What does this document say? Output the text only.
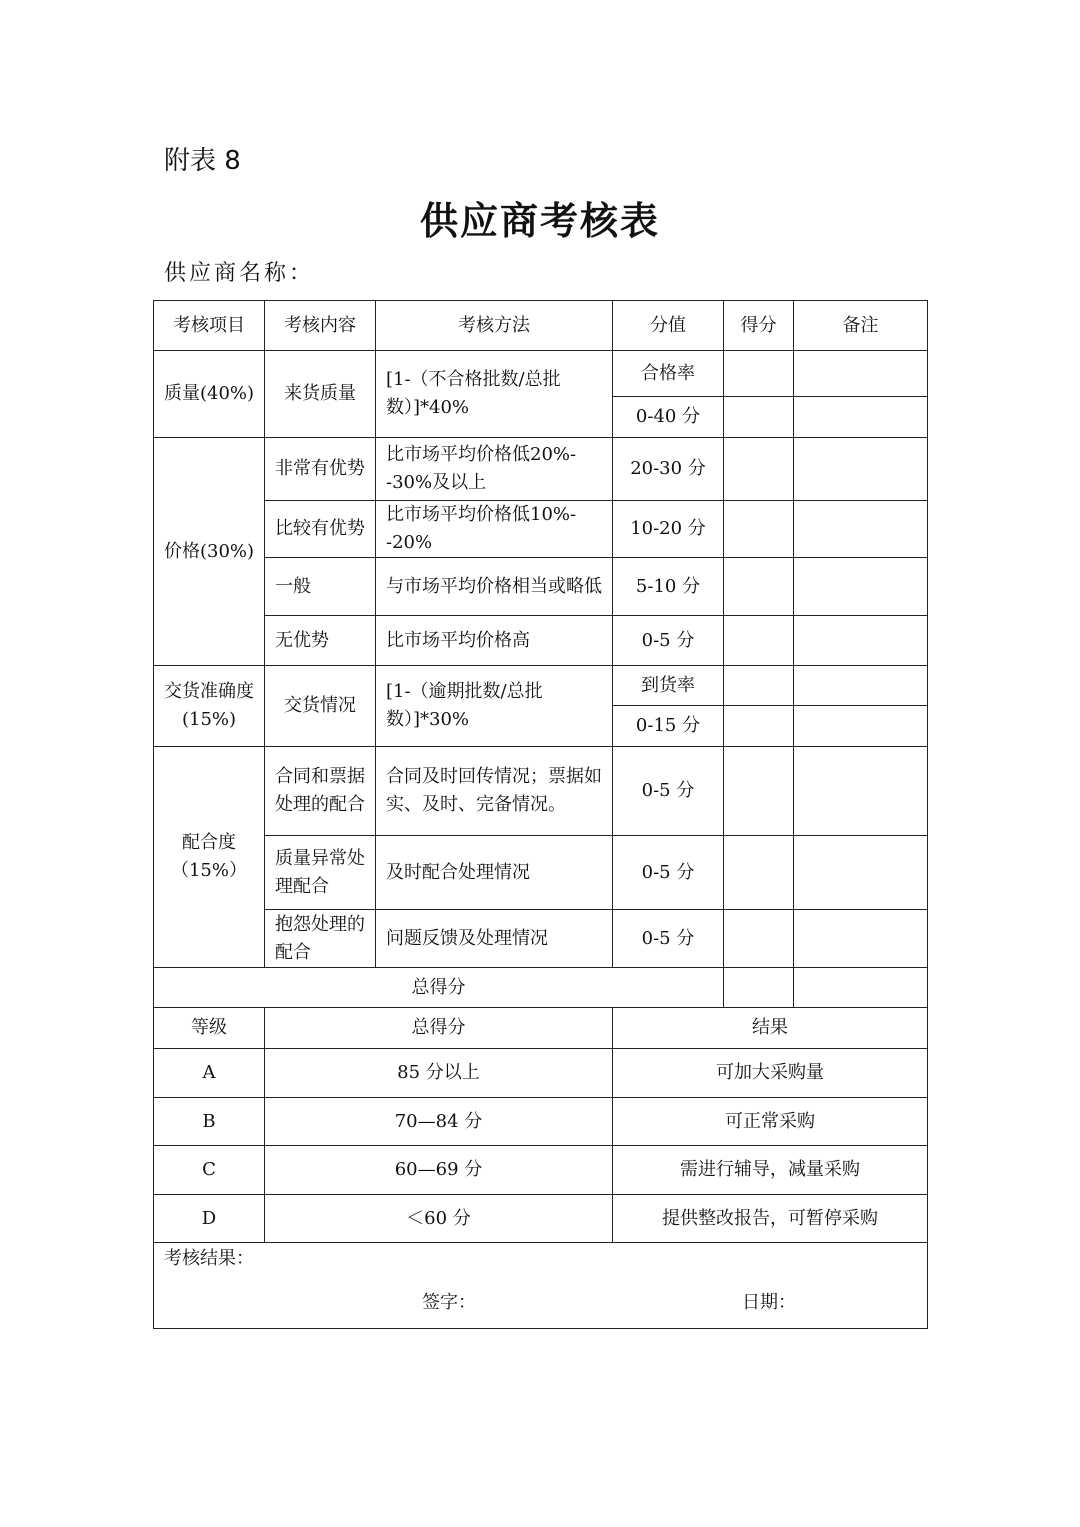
附表 8
供应商考核表
供应商名称：
考核项目	考核内容	考核方法	分值	得分	备注
质量(40%)	来货质量	[1-（不合格批数/总批数）]*40%	合格率		
			0-40 分		
价格(30%)	非常有优势	比市场平均价格低20%--30%及以上	20-30 分		
	比较有优势	比市场平均价格低10%--20%	10-20 分		
	一般	与市场平均价格相当或略低	5-10 分		
	无优势	比市场平均价格高	0-5 分		
交货准确度(15%)	交货情况	[1-（逾期批数/总批数）]*30%	到货率		
			0-15 分		
配合度（15%）	合同和票据处理的配合	合同及时回传情况；票据如实、及时、完备情况。	0-5 分		
	质量异常处理配合	及时配合处理情况	0-5 分		
	抱怨处理的配合	问题反馈及处理情况	0-5 分		
总得分					
等级	总得分		结果		
A	85 分以上		可加大采购量		
B	70—84 分		可正常采购		
C	60—69 分		需进行辅导，减量采购		
D	＜60 分		提供整改报告，可暂停采购		

考核结果：
签字： 日期：					
